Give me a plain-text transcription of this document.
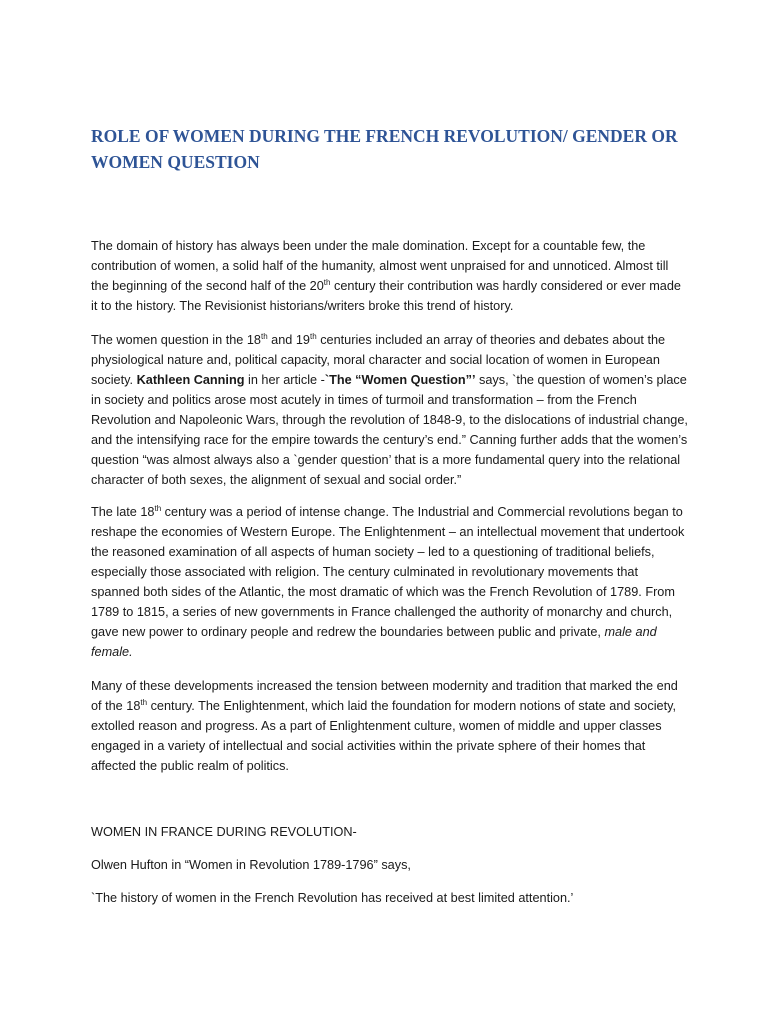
ROLE OF WOMEN DURING THE FRENCH REVOLUTION/ GENDER OR WOMEN QUESTION

The domain of history has always been under the male domination. Except for a countable few, the contribution of women, a solid half of the humanity, almost went unpraised for and unnoticed. Almost till the beginning of the second half of the 20th century their contribution was hardly considered or ever made it to the history. The Revisionist historians/writers broke this trend of history.

The women question in the 18th and 19th centuries included an array of theories and debates about the physiological nature and, political capacity, moral character and social location of women in European society. Kathleen Canning in her article -`The “Women Question”’ says, `the question of women’s place in society and politics arose most acutely in times of turmoil and transformation – from the French Revolution and Napoleonic Wars, through the revolution of 1848-9, to the dislocations of industrial change, and the intensifying race for the empire towards the century’s end.” Canning further adds that the women’s question “was almost always also a `gender question’ that is a more fundamental query into the relational character of both sexes, the alignment of sexual and social order.”

The late 18th century was a period of intense change. The Industrial and Commercial revolutions began to reshape the economies of Western Europe. The Enlightenment – an intellectual movement that undertook the reasoned examination of all aspects of human society – led to a questioning of traditional beliefs, especially those associated with religion. The century culminated in revolutionary movements that spanned both sides of the Atlantic, the most dramatic of which was the French Revolution of 1789. From 1789 to 1815, a series of new governments in France challenged the authority of monarchy and church, gave new power to ordinary people and redrew the boundaries between public and private, male and female.

Many of these developments increased the tension between modernity and tradition that marked the end of the 18th century. The Enlightenment, which laid the foundation for modern notions of state and society, extolled reason and progress. As a part of Enlightenment culture, women of middle and upper classes engaged in a variety of intellectual and social activities within the private sphere of their homes that affected the public realm of politics.

WOMEN IN FRANCE DURING REVOLUTION-

Olwen Hufton in “Women in Revolution 1789-1796” says,

`The history of women in the French Revolution has received at best limited attention.’
